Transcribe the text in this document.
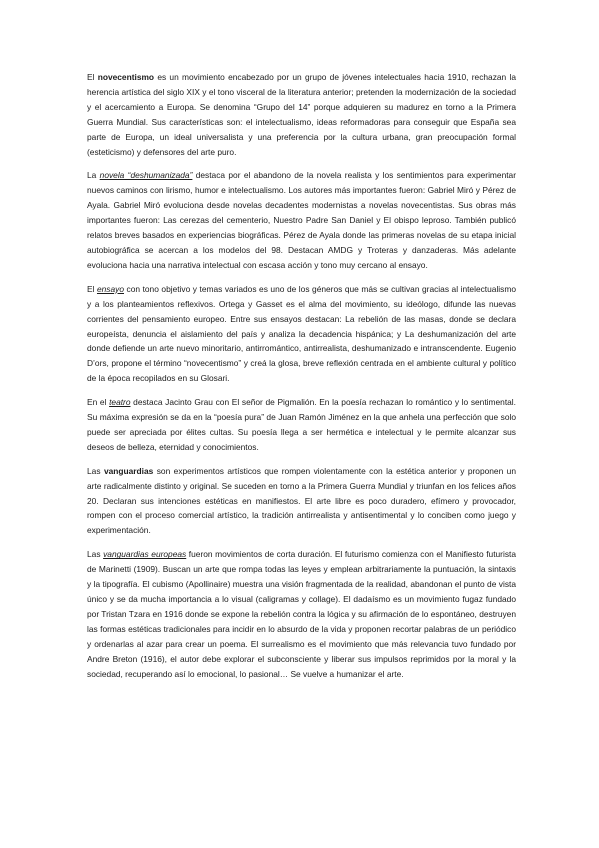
El novecentismo es un movimiento encabezado por un grupo de jóvenes intelectuales hacia 1910, rechazan la herencia artística del siglo XIX y el tono visceral de la literatura anterior; pretenden la modernización de la sociedad y el acercamiento a Europa. Se denomina “Grupo del 14” porque adquieren su madurez en torno a la Primera Guerra Mundial. Sus características son: el intelectualismo, ideas reformadoras para conseguir que España sea parte de Europa, un ideal universalista y una preferencia por la cultura urbana, gran preocupación formal (esteticismo) y defensores del arte puro.

La novela “deshumanizada” destaca por el abandono de la novela realista y los sentimientos para experimentar nuevos caminos con lirismo, humor e intelectualismo. Los autores más importantes fueron: Gabriel Miró y Pérez de Ayala. Gabriel Miró evoluciona desde novelas decadentes modernistas a novelas novecentistas. Sus obras más importantes fueron: Las cerezas del cementerio, Nuestro Padre San Daniel y El obispo leproso. También publicó relatos breves basados en experiencias biográficas. Pérez de Ayala donde las primeras novelas de su etapa inicial autobiográfica se acercan a los modelos del 98. Destacan AMDG y Troteras y danzaderas. Más adelante evoluciona hacia una narrativa intelectual con escasa acción y tono muy cercano al ensayo.

El ensayo con tono objetivo y temas variados es uno de los géneros que más se cultivan gracias al intelectualismo y a los planteamientos reflexivos. Ortega y Gasset es el alma del movimiento, su ideólogo, difunde las nuevas corrientes del pensamiento europeo. Entre sus ensayos destacan: La rebelión de las masas, donde se declara europeísta, denuncia el aislamiento del país y analiza la decadencia hispánica; y La deshumanización del arte donde defiende un arte nuevo minoritario, antirromántico, antirrealista, deshumanizado e intranscendente. Eugenio D’ors, propone el término “novecentismo” y creá la glosa, breve reflexión centrada en el ambiente cultural y político de la época recopilados en su Glosari.

En el teatro destaca Jacinto Grau con El señor de Pigmalión. En la poesía rechazan lo romántico y lo sentimental. Su máxima expresión se da en la “poesía pura” de Juan Ramón Jiménez en la que anhela una perfección que solo puede ser apreciada por élites cultas. Su poesía llega a ser hermética e intelectual y le permite alcanzar sus deseos de belleza, eternidad y conocimientos.

Las vanguardias son experimentos artísticos que rompen violentamente con la estética anterior y proponen un arte radicalmente distinto y original. Se suceden en torno a la Primera Guerra Mundial y triunfan en los felices años 20. Declaran sus intenciones estéticas en manifiestos. El arte libre es poco duradero, efímero y provocador, rompen con el proceso comercial artístico, la tradición antirrealista y antisentimental y lo conciben como juego y experimentación.

Las vanguardias europeas fueron movimientos de corta duración. El futurismo comienza con el Manifiesto futurista de Marinetti (1909). Buscan un arte que rompa todas las leyes y emplean arbitrariamente la puntuación, la sintaxis y la tipografía. El cubismo (Apollinaire) muestra una visión fragmentada de la realidad, abandonan el punto de vista único y se da mucha importancia a lo visual (caligramas y collage). El dadaísmo es un movimiento fugaz fundado por Tristan Tzara en 1916 donde se expone la rebelión contra la lógica y su afirmación de lo espontáneo, destruyen las formas estéticas tradicionales para incidir en lo absurdo de la vida y proponen recortar palabras de un periódico y ordenarlas al azar para crear un poema. El surrealismo es el movimiento que más relevancia tuvo fundado por Andre Breton (1916), el autor debe explorar el subconsciente y liberar sus impulsos reprimidos por la moral y la sociedad, recuperando así lo emocional, lo pasional… Se vuelve a humanizar el arte.
